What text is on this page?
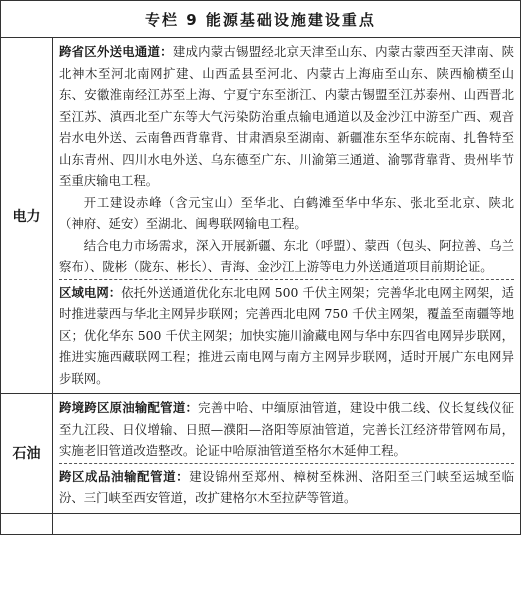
专栏 9 能源基础设施建设重点	
电力	跨省区外送电通道：建成内蒙古锡盟经北京天津至山东、内蒙古蒙西至天津南、陕北神木至河北南网扩建、山西孟县至河北、内蒙古上海庙至山东、陕西榆横至山东、安徽淮南经江苏至上海、宁夏宁东至浙江、内蒙古锡盟至江苏泰州、山西晋北至江苏、滇西北至广东等大气污染防治重点输电通道以及金沙江中游至广西、观音岩水电外送、云南鲁西背靠背、甘肃酒泉至湖南、新疆准东至华东皖南、扎鲁特至山东青州、四川水电外送、乌东德至广东、川渝第三通道、渝鄂背靠背、贵州毕节至重庆输电工程。

开工建设赤峰（含元宝山）至华北、白鹤滩至华中华东、张北至北京、陕北（神府、延安）至湖北、闽粤联网输电工程。

结合电力市场需求，深入开展新疆、东北（呼盟）、蒙西（包头、阿拉善、乌兰察布）、陇彬（陇东、彬长）、青海、金沙江上游等电力外送通道项目前期论证。

区域电网：依托外送通道优化东北电网 500 千伏主网架；完善华北电网主网架，适时推进蒙西与华北主网异步联网；完善西北电网 750 千伏主网架，覆盖至南疆等地区；优化华东 500 千伏主网架；加快实施川渝藏电网与华中东四省电网异步联网，推进实施西藏联网工程；推进云南电网与南方主网异步联网，适时开展广东电网异步联网。

石油	跨境跨区原油输配管道：完善中哈、中缅原油管道，建设中俄二线、仪长复线仪征至九江段、日仪增输、日照—濮阳—洛阳等原油管道，完善长江经济带管网布局，实施老旧管道改造整改。论证中哈原油管道至格尔木延伸工程。
跨区成品油输配管道：建设锦州至郑州、樟树至株洲、洛阳至三门峡至运城至临汾、三门峡至西安管道，改扩建格尔木至拉萨等管道。
